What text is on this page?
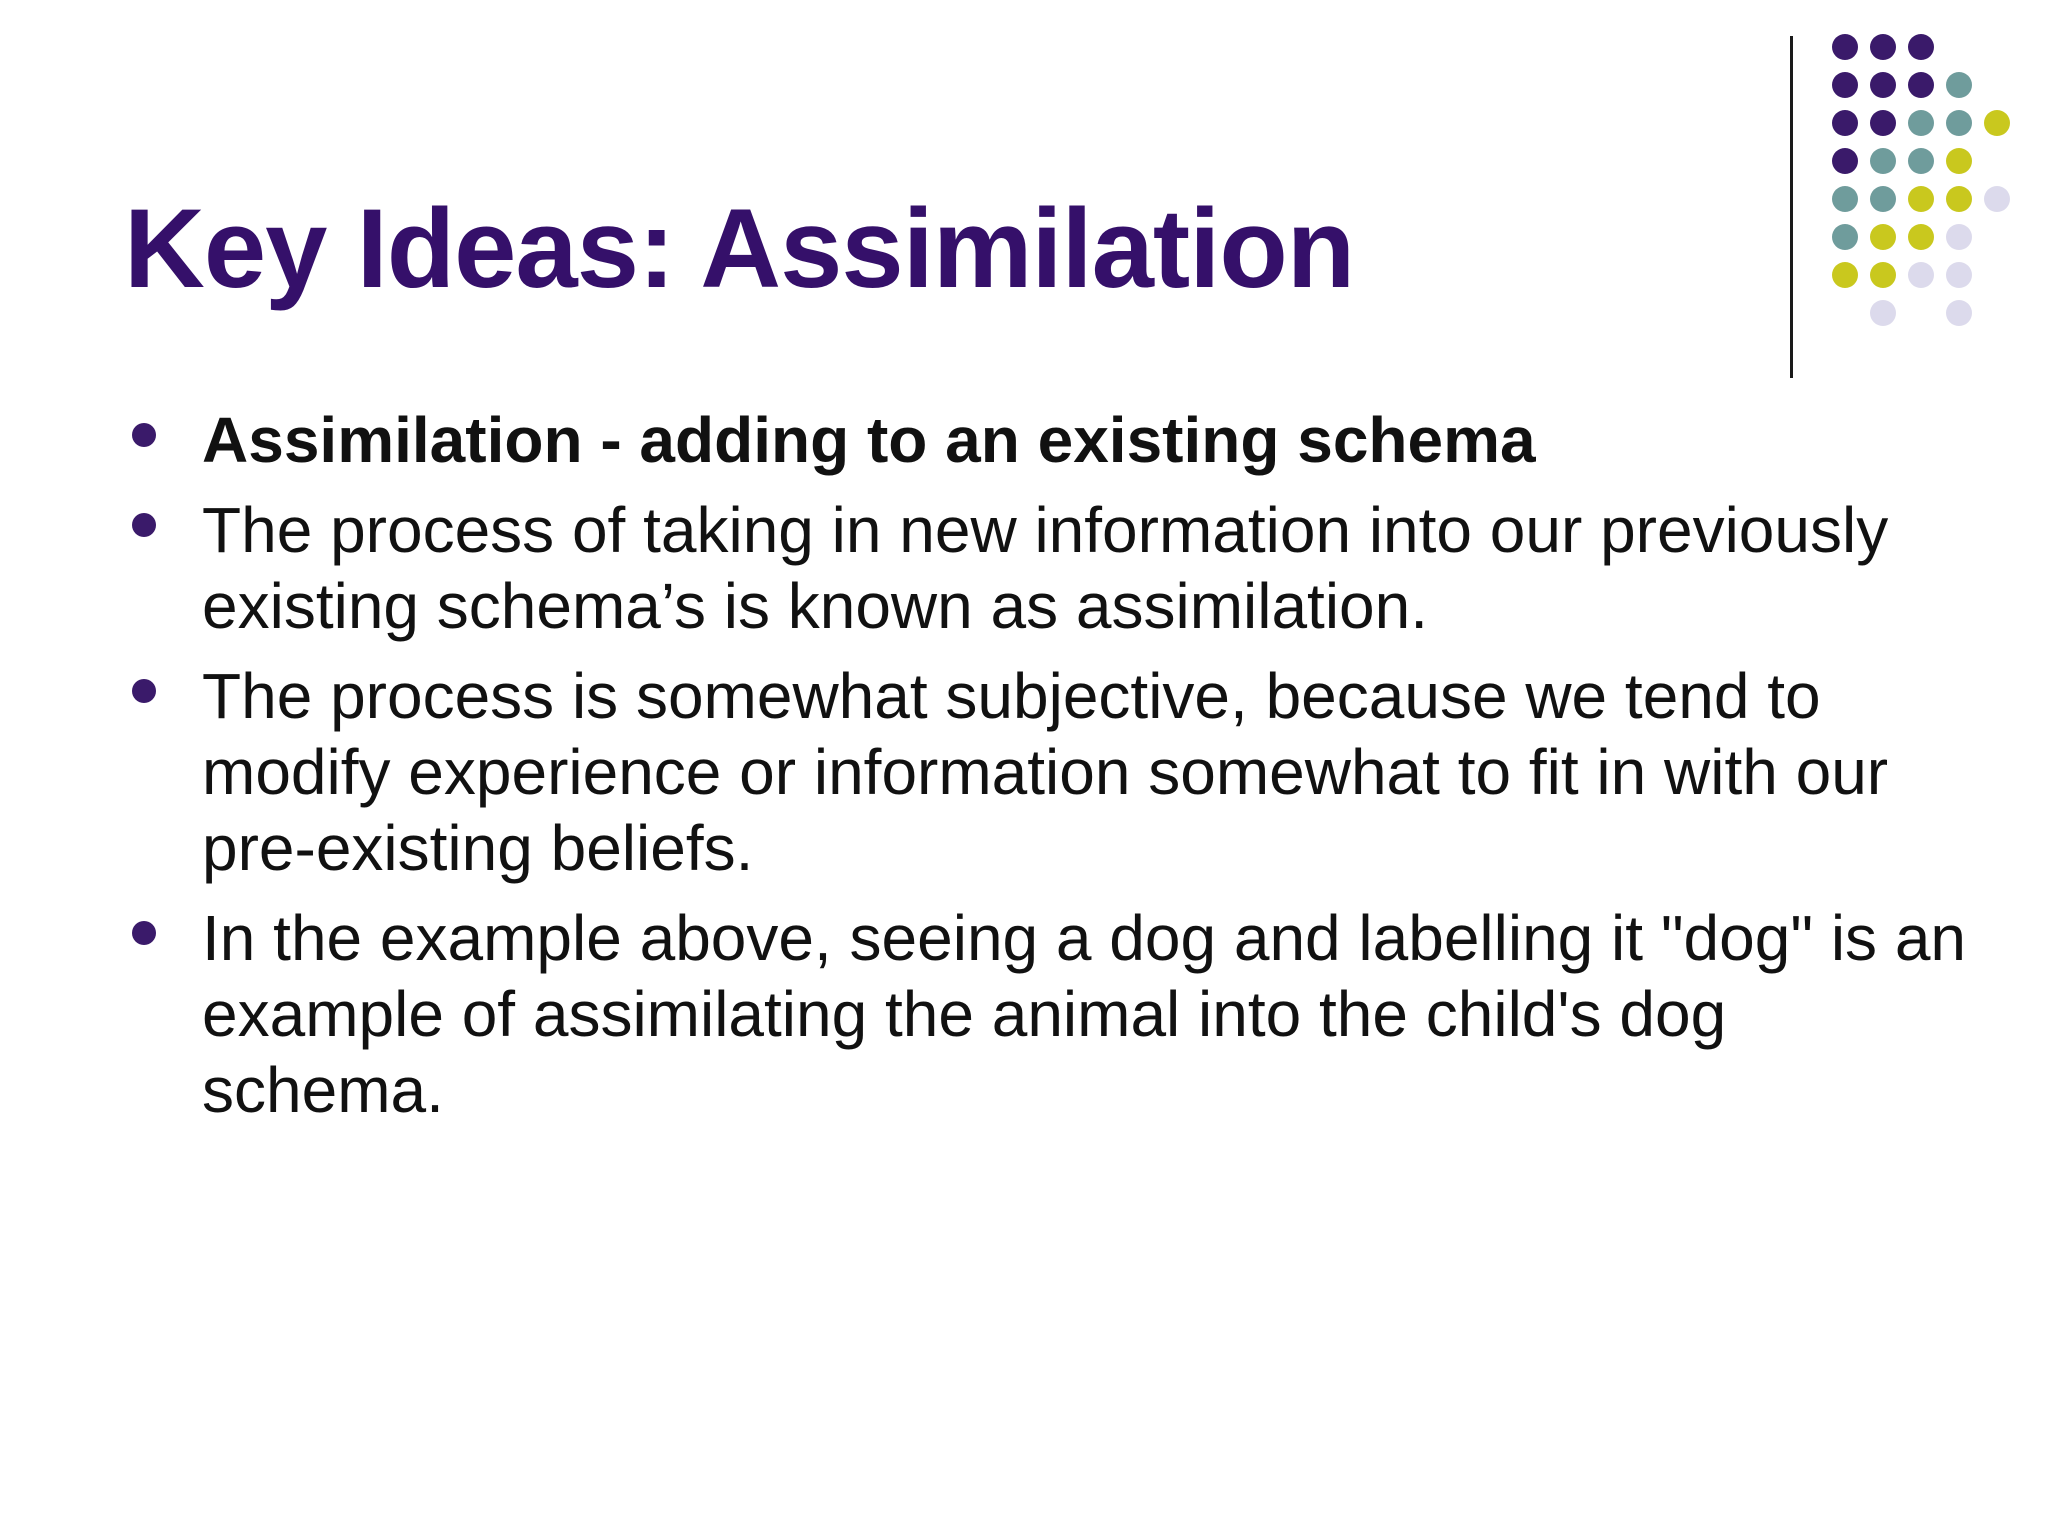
Key Ideas: Assimilation
Assimilation - adding to an existing schema
The process of taking in new information into our previously existing schema’s is known as assimilation.
The process is somewhat subjective, because we tend to modify experience or information somewhat to fit in with our pre-existing beliefs.
In the example above, seeing a dog and labelling it "dog" is an example of assimilating the animal into the child's dog schema.
